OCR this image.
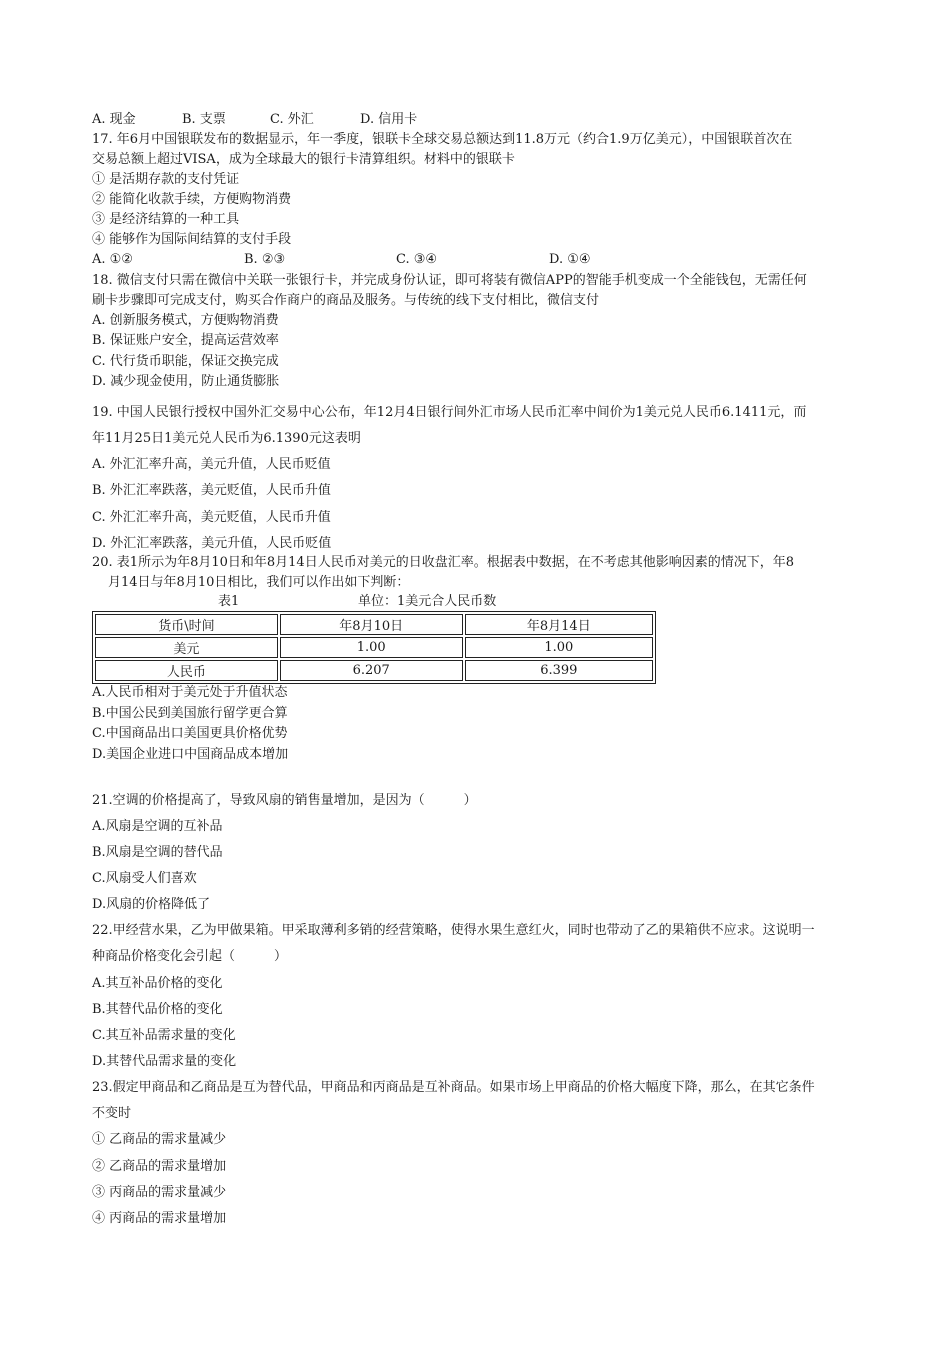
A. 现金	B. 支票	C. 外汇	D. 信用卡
17. 年6月中国银联发布的数据显示，年一季度，银联卡全球交易总额达到11.8万元（约合1.9万亿美元），中国银联首次在
交易总额上超过VISA，成为全球最大的银行卡清算组织。材料中的银联卡
① 是活期存款的支付凭证
② 能简化收款手续，方便购物消费
③ 是经济结算的一种工具
④ 能够作为国际间结算的支付手段
A. ①②	B. ②③	C. ③④	D. ①④
18. 微信支付只需在微信中关联一张银行卡，并完成身份认证，即可将装有微信APP的智能手机变成一个全能钱包，无需任何
刷卡步骤即可完成支付，购买合作商户的商品及服务。与传统的线下支付相比，微信支付
A. 创新服务模式，方便购物消费
B. 保证账户安全，提高运营效率
C. 代行货币职能，保证交换完成
D. 减少现金使用，防止通货膨胀
19. 中国人民银行授权中国外汇交易中心公布，年12月4日银行间外汇市场人民币汇率中间价为1美元兑人民币6.1411元，而
年11月25日1美元兑人民币为6.1390元这表明
A. 外汇汇率升高，美元升值，人民币贬值
B. 外汇汇率跌落，美元贬值，人民币升值
C. 外汇汇率升高，美元贬值，人民币升值
D. 外汇汇率跌落，美元升值，人民币贬值
20. 表1所示为年8月10日和年8月14日人民币对美元的日收盘汇率。根据表中数据，在不考虑其他影响因素的情况下，年8
月14日与年8月10日相比，我们可以作出如下判断：
表1	单位：1美元合人民币数
货币\时间	年8月10日	年8月14日
美元	1.00	1.00
人民币	6.207	6.399
A.人民币相对于美元处于升值状态
B.中国公民到美国旅行留学更合算
C.中国商品出口美国更具价格优势
D.美国企业进口中国商品成本增加
21.空调的价格提高了，导致风扇的销售量增加，是因为（　　　）
A.风扇是空调的互补品
B.风扇是空调的替代品
C.风扇受人们喜欢
D.风扇的价格降低了
22.甲经营水果，乙为甲做果箱。甲采取薄利多销的经营策略，使得水果生意红火，同时也带动了乙的果箱供不应求。这说明一
种商品价格变化会引起（　　　）
A.其互补品价格的变化
B.其替代品价格的变化
C.其互补品需求量的变化
D.其替代品需求量的变化
23.假定甲商品和乙商品是互为替代品，甲商品和丙商品是互补商品。如果市场上甲商品的价格大幅度下降，那么，在其它条件
不变时
① 乙商品的需求量减少
② 乙商品的需求量增加
③ 丙商品的需求量减少
④ 丙商品的需求量增加
